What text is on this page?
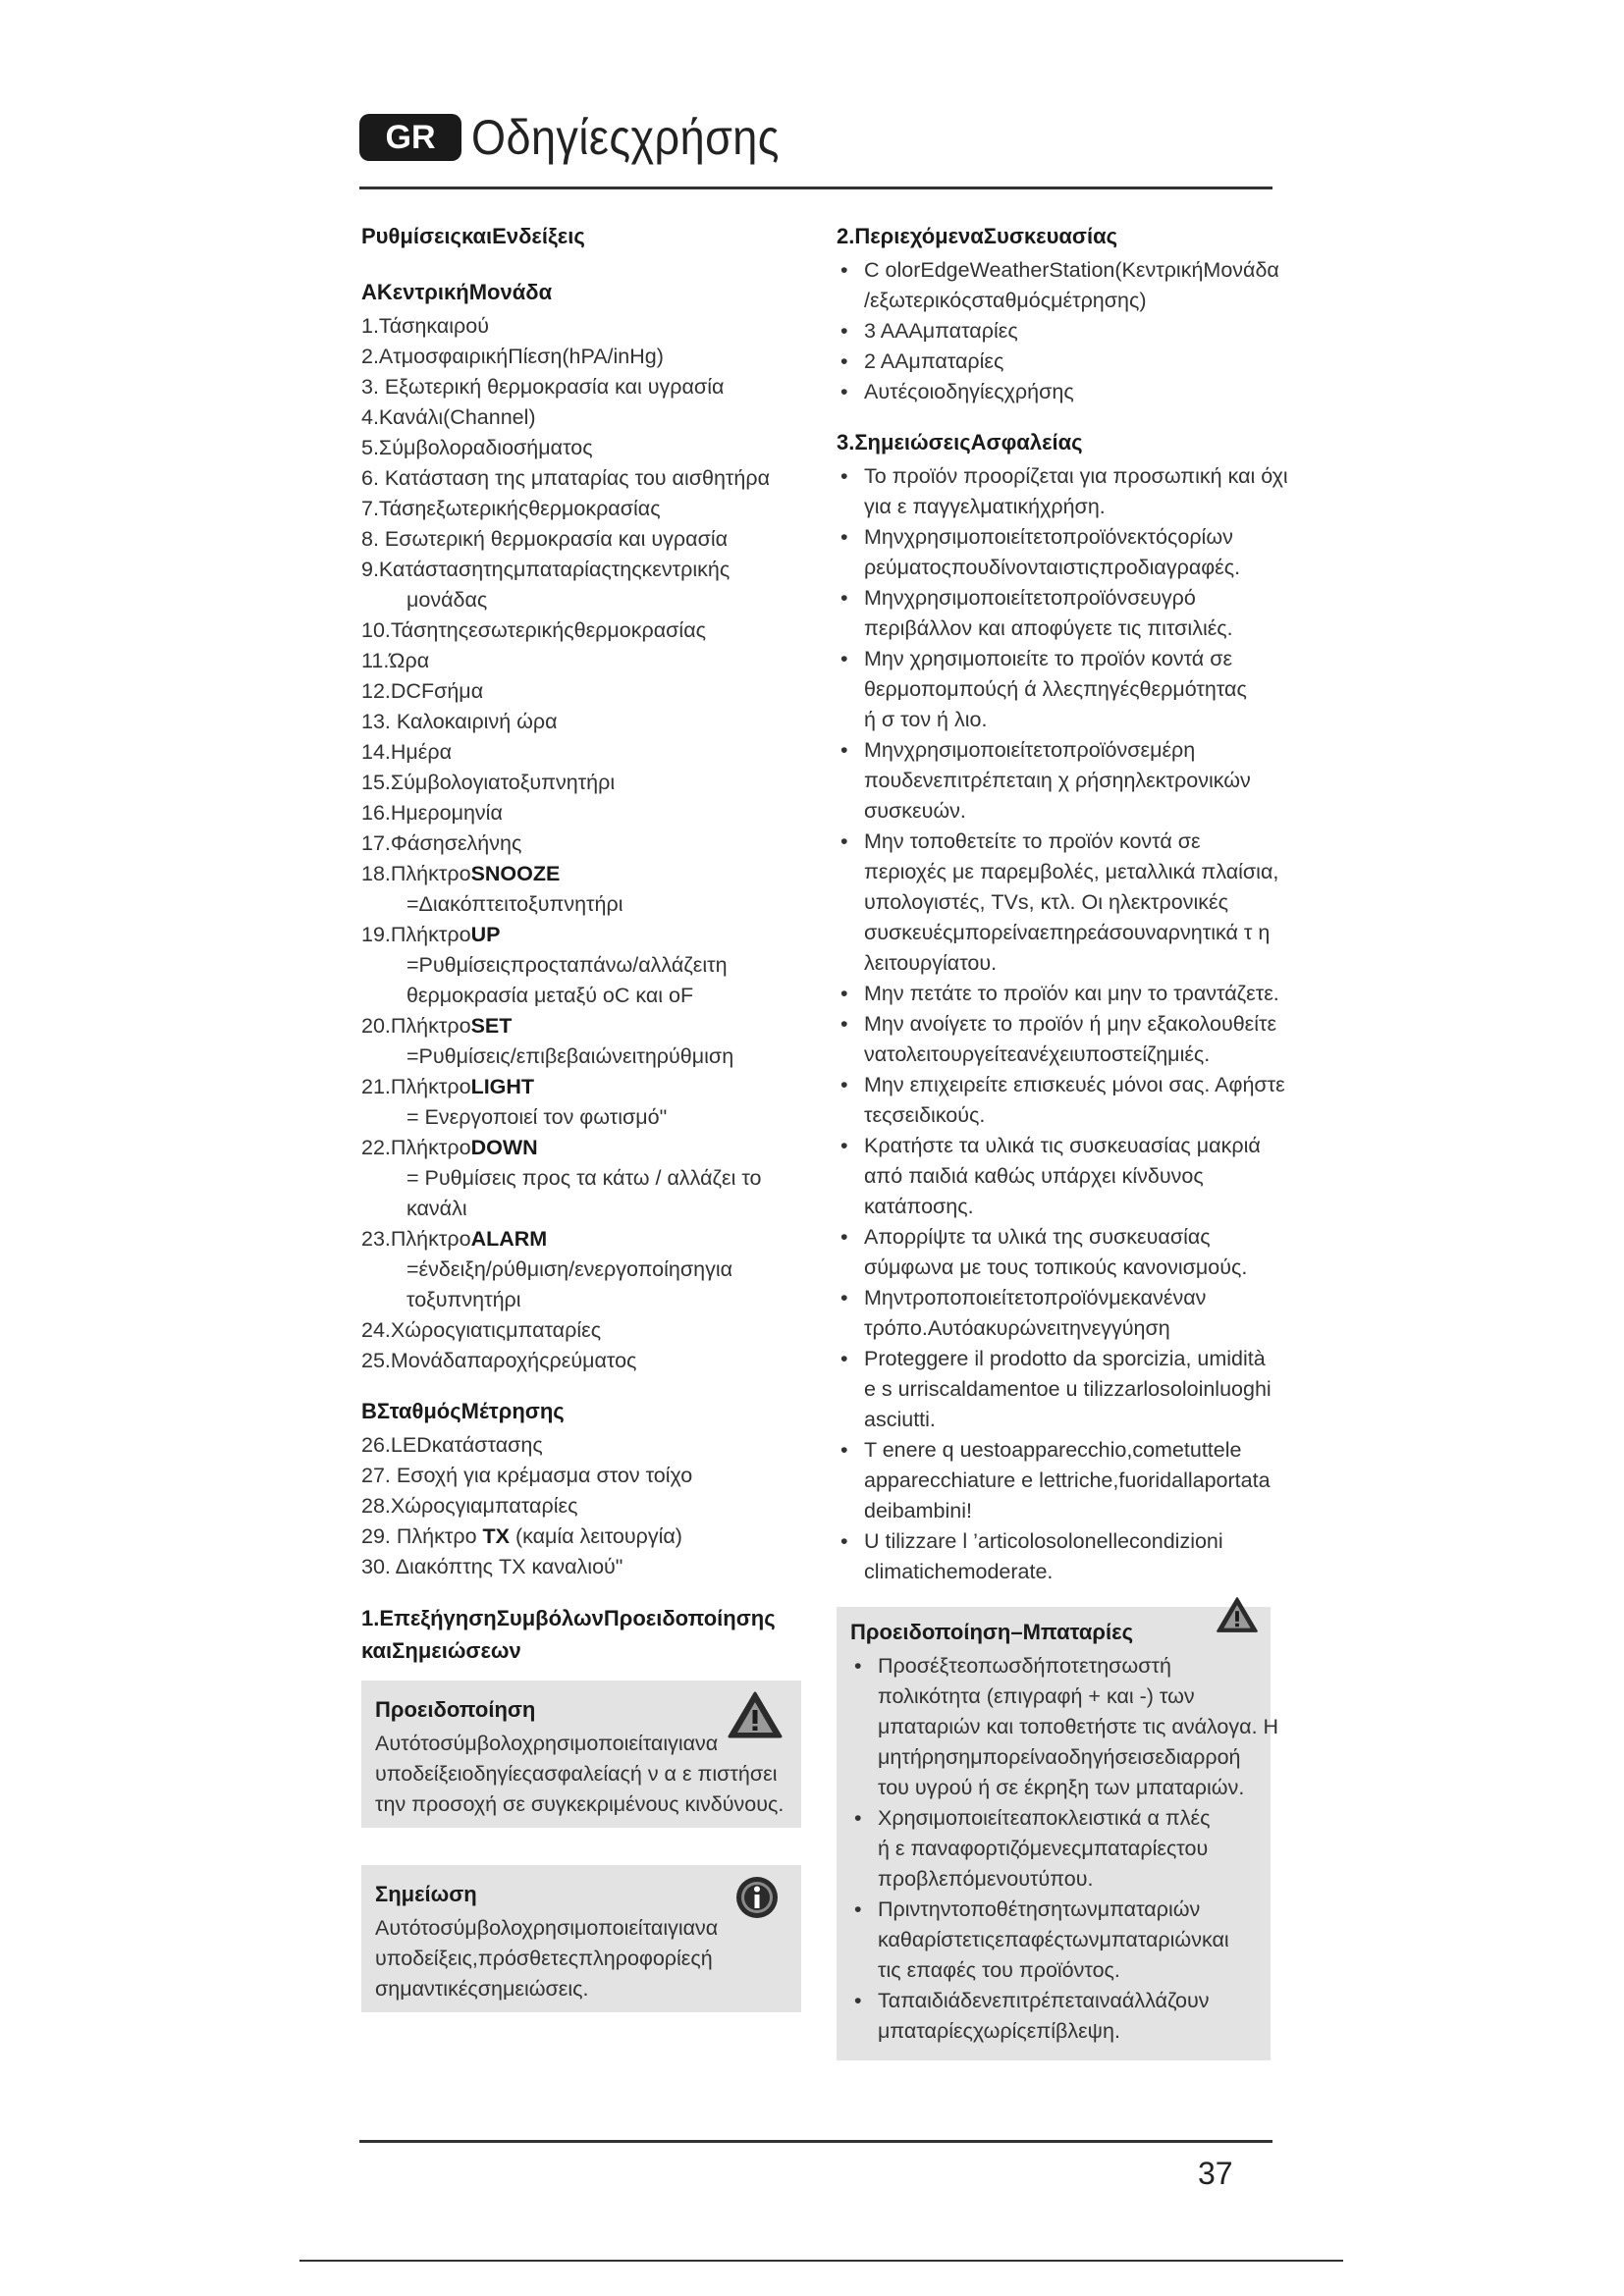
GR Οδηγίεςχρήσης
ΡυθμίσειςκαιΕνδείξεις
ΑΚεντρικήΜονάδα
1.Τάσηκαιρού
2.ΑτμοσφαιρικήΠίεση(hPA/inHg)
3. Εξωτερική θερμοκρασία και υγρασία
4.Κανάλι(Channel)
5.Σύμβολοραδιοσήματος
6. Κατάσταση της μπαταρίας του αισθητήρα
7.Τάσηεξωτερικήςθερμοκρασίας
8. Εσωτερική θερμοκρασία και υγρασία
9.Κατάστασητηςμπαταρίαςτηςκεντρικής
μονάδας
10.Τάσητηςεσωτερικήςθερμοκρασίας
11.Ώρα
12.DCFσήμα
13. Καλοκαιρινή ώρα
14.Ημέρα
15.Σύμβολογιατοξυπνητήρι
16.Ημερομηνία
17.Φάσησελήνης
18.ΠλήκτροSNOOZE
=Διακόπτειτοξυπνητήρι
19.ΠλήκτροUP
=Ρυθμίσειςπροςταπάνω/αλλάζειτη
θερμοκρασία μεταξύ oC και oF
20.ΠλήκτροSET
=Ρυθμίσεις/επιβεβαιώνειτηρύθμιση
21.ΠλήκτροLIGHT
= Ενεργοποιεί τον φωτισμό"
22.ΠλήκτροDOWN
= Ρυθμίσεις προς τα κάτω / αλλάζει το
κανάλι
23.ΠλήκτροALARM
=ένδειξη/ρύθμιση/ενεργοποίησηγια
τοξυπνητήρι
24.Χώροςγιατιςμπαταρίες
25.Μονάδαπαροχήςρεύματος
ΒΣταθμόςΜέτρησης
26.LEDκατάστασης
27. Εσοχή για κρέμασμα στον τοίχο
28.Χώροςγιαμπαταρίες
29. Πλήκτρο TX (καμία λειτουργία)
30. Διακόπτης TX καναλιού"
1.ΕπεξήγησηΣυμβόλωνΠροειδοποίησης
καιΣημειώσεων
Προειδοποίηση
Αυτότοσύμβολοχρησιμοποιείταιγιανα
υποδείξειοδηγίεςασφαλείαςή ν α ε πιστήσει
την προσοχή σε συγκεκριμένους κινδύνους.
Σημείωση
Αυτότοσύμβολοχρησιμοποιείταιγιανα
υποδείξεις,πρόσθετεςπληροφορίεςή
σημαντικέςσημειώσεις.
2.ΠεριεχόμεναΣυσκευασίας
• C olorEdgeWeatherStation(ΚεντρικήΜονάδα
/εξωτερικόςσταθμόςμέτρησης)
• 3 AAAμπαταρίες
• 2 AAμπαταρίες
• Αυτέςοιοδηγίεςχρήσης
3.ΣημειώσειςΑσφαλείας
• Το προϊόν προορίζεται για προσωπική και όχι
για ε παγγελματικήχρήση.
• Μηνχρησιμοποιείτετοπροϊόνεκτόςορίων
ρεύματοςπουδίνονταιστιςπροδιαγραφές.
• Μηνχρησιμοποιείτετοπροϊόνσευγρό
περιβάλλον και αποφύγετε τις πιτσιλιές.
• Μην χρησιμοποιείτε το προϊόν κοντά σε
θερμοπομπούςή ά λλεςπηγέςθερμότητας
ή σ τον ή λιο.
• Μηνχρησιμοποιείτετοπροϊόνσεμέρη
πουδενεπιτρέπεταιη χ ρήσηηλεκτρονικών
συσκευών.
• Μην τοποθετείτε το προϊόν κοντά σε
περιοχές με παρεμβολές, μεταλλικά πλαίσια,
υπολογιστές, TVs, κτλ. Οι ηλεκτρονικές
συσκευέςμπορείναεπηρεάσουναρνητικά τ η
λειτουργίατου.
• Μην πετάτε το προϊόν και μην το τραντάζετε.
• Μην ανοίγετε το προϊόν ή μην εξακολουθείτε
νατολειτουργείτεανέχειυποστείζημιές.
• Μην επιχειρείτε επισκευές μόνοι σας. Αφήστε
τεςσειδικούς.
• Κρατήστε τα υλικά τις συσκευασίας μακριά
από παιδιά καθώς υπάρχει κίνδυνος
κατάποσης.
• Απορρίψτε τα υλικά της συσκευασίας
σύμφωνα με τους τοπικούς κανονισμούς.
• Μηντροποποιείτετοπροϊόνμεκανέναν
τρόπο.Αυτόακυρώνειτηνεγγύηση
• Proteggere il prodotto da sporcizia, umidità
e s urriscaldamentoe u tilizzarlosoloinluoghi
asciutti.
• T enere q uestoapparecchio,cometuttele
apparecchiature e lettriche,fuoridallaportata
deibambini!
• U tilizzare l ’articolosolonellecondizioni
climatichemoderate.
Προειδοποίηση–Μπαταρίες
• Προσέξτεοπωσδήποτετησωστή
πολικότητα (επιγραφή + και -) των
μπαταριών και τοποθετήστε τις ανάλογα. Η
μητήρησημπορείναοδηγήσεισεδιαρροή
του υγρού ή σε έκρηξη των μπαταριών.
• Χρησιμοποιείτεαποκλειστικά α πλές
ή ε παναφορτιζόμενεςμπαταρίεςτου
προβλεπόμενουτύπου.
• Πριντηντοποθέτησητωνμπαταριών
καθαρίστετιςεπαφέςτωνμπαταριώνκαι
τις επαφές του προϊόντος.
• Ταπαιδιάδενεπιτρέπεταιναάλλάζουν
μπαταρίεςχωρίςεπίβλεψη.
37
